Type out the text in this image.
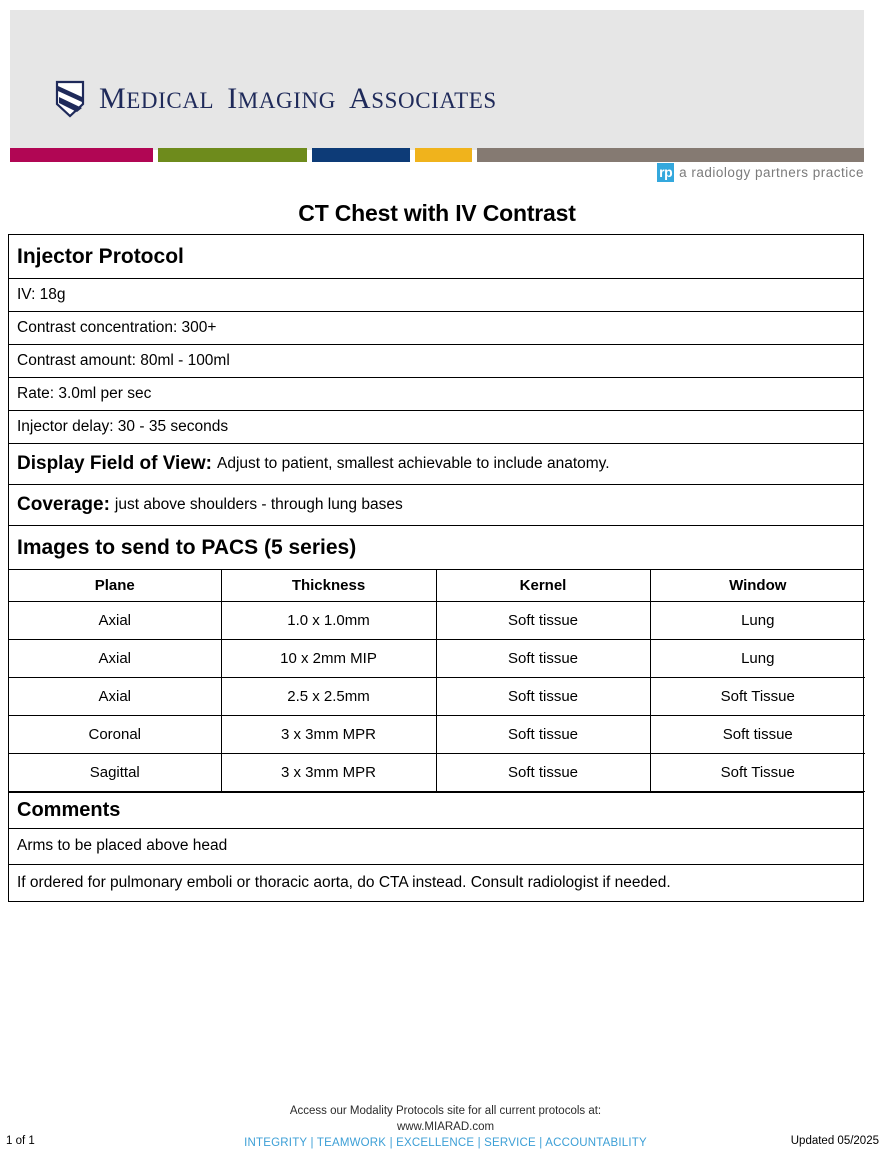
MEDICAL IMAGING ASSOCIATES
rp a radiology partners practice
CT Chest with IV Contrast
Injector Protocol
IV: 18g
Contrast concentration: 300+
Contrast amount: 80ml - 100ml
Rate: 3.0ml per sec
Injector delay: 30 - 35 seconds
Display Field of View: Adjust to patient, smallest achievable to include anatomy.
Coverage: just above shoulders - through lung bases
Images to send to PACS (5 series)
Plane	Thickness	Kernel	Window
Axial	1.0 x 1.0mm	Soft tissue	Lung
Axial	10 x 2mm MIP	Soft tissue	Lung
Axial	2.5 x 2.5mm	Soft tissue	Soft Tissue
Coronal	3 x 3mm MPR	Soft tissue	Soft tissue
Sagittal	3 x 3mm MPR	Soft tissue	Soft Tissue
Comments
Arms to be placed above head
If ordered for pulmonary emboli or thoracic aorta, do CTA instead. Consult radiologist if needed.
Access our Modality Protocols site for all current protocols at:
www.MIARAD.com
INTEGRITY | TEAMWORK | EXCELLENCE | SERVICE | ACCOUNTABILITY
1 of 1	Updated 05/2025
